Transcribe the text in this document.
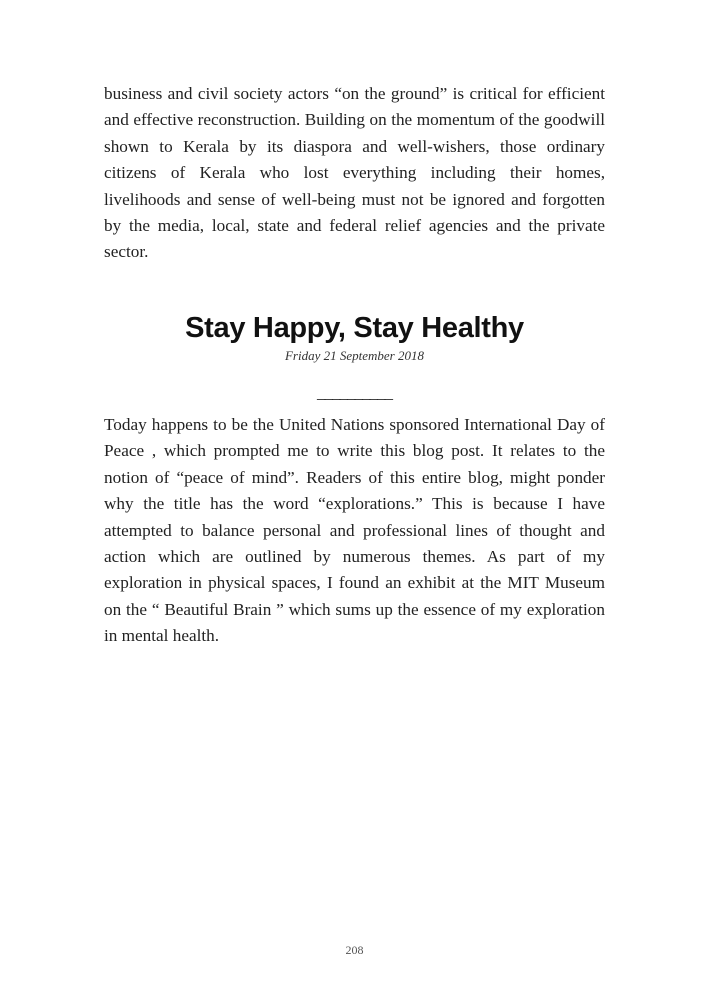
business and civil society actors “on the ground” is critical for efficient and effective reconstruction. Building on the momentum of the goodwill shown to Kerala by its diaspora and well-wishers, those ordinary citizens of Kerala who lost everything including their homes, livelihoods and sense of well-being must not be ignored and forgotten by the media, local, state and federal relief agencies and the private sector.

Stay Happy, Stay Healthy

Friday 21 September 2018

__________

Today happens to be the United Nations sponsored International Day of Peace , which prompted me to write this blog post. It relates to the notion of “peace of mind”. Readers of this entire blog, might ponder why the title has the word “explorations.” This is because I have attempted to balance personal and professional lines of thought and action which are outlined by numerous themes. As part of my exploration in physical spaces, I found an exhibit at the MIT Museum on the “ Beautiful Brain ” which sums up the essence of my exploration in mental health.

208
